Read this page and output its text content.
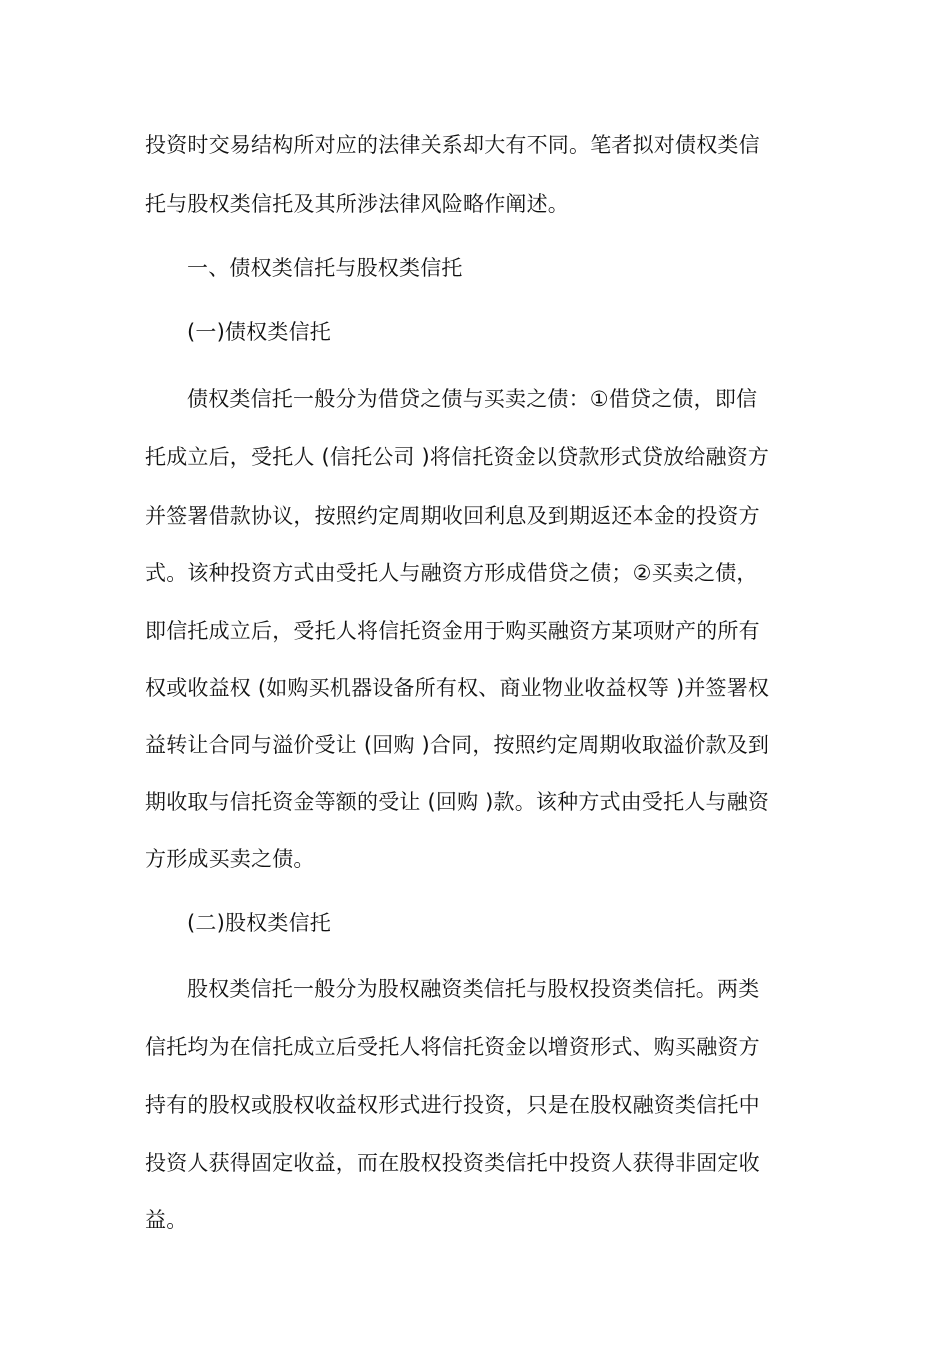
投资时交易结构所对应的法律关系却大有不同。笔者拟对债权类信
托与股权类信托及其所涉法律风险略作阐述。
一、债权类信托与股权类信托
(一)债权类信托
债权类信托一般分为借贷之债与买卖之债：①借贷之债，即信
托成立后，受托人 (信托公司 )将信托资金以贷款形式贷放给融资方
并签署借款协议，按照约定周期收回利息及到期返还本金的投资方
式。该种投资方式由受托人与融资方形成借贷之债；②买卖之债，
即信托成立后，受托人将信托资金用于购买融资方某项财产的所有
权或收益权 (如购买机器设备所有权、商业物业收益权等 )并签署权
益转让合同与溢价受让 (回购 )合同，按照约定周期收取溢价款及到
期收取与信托资金等额的受让 (回购 )款。该种方式由受托人与融资
方形成买卖之债。
(二)股权类信托
股权类信托一般分为股权融资类信托与股权投资类信托。两类
信托均为在信托成立后受托人将信托资金以增资形式、购买融资方
持有的股权或股权收益权形式进行投资，只是在股权融资类信托中
投资人获得固定收益，而在股权投资类信托中投资人获得非固定收
益。
